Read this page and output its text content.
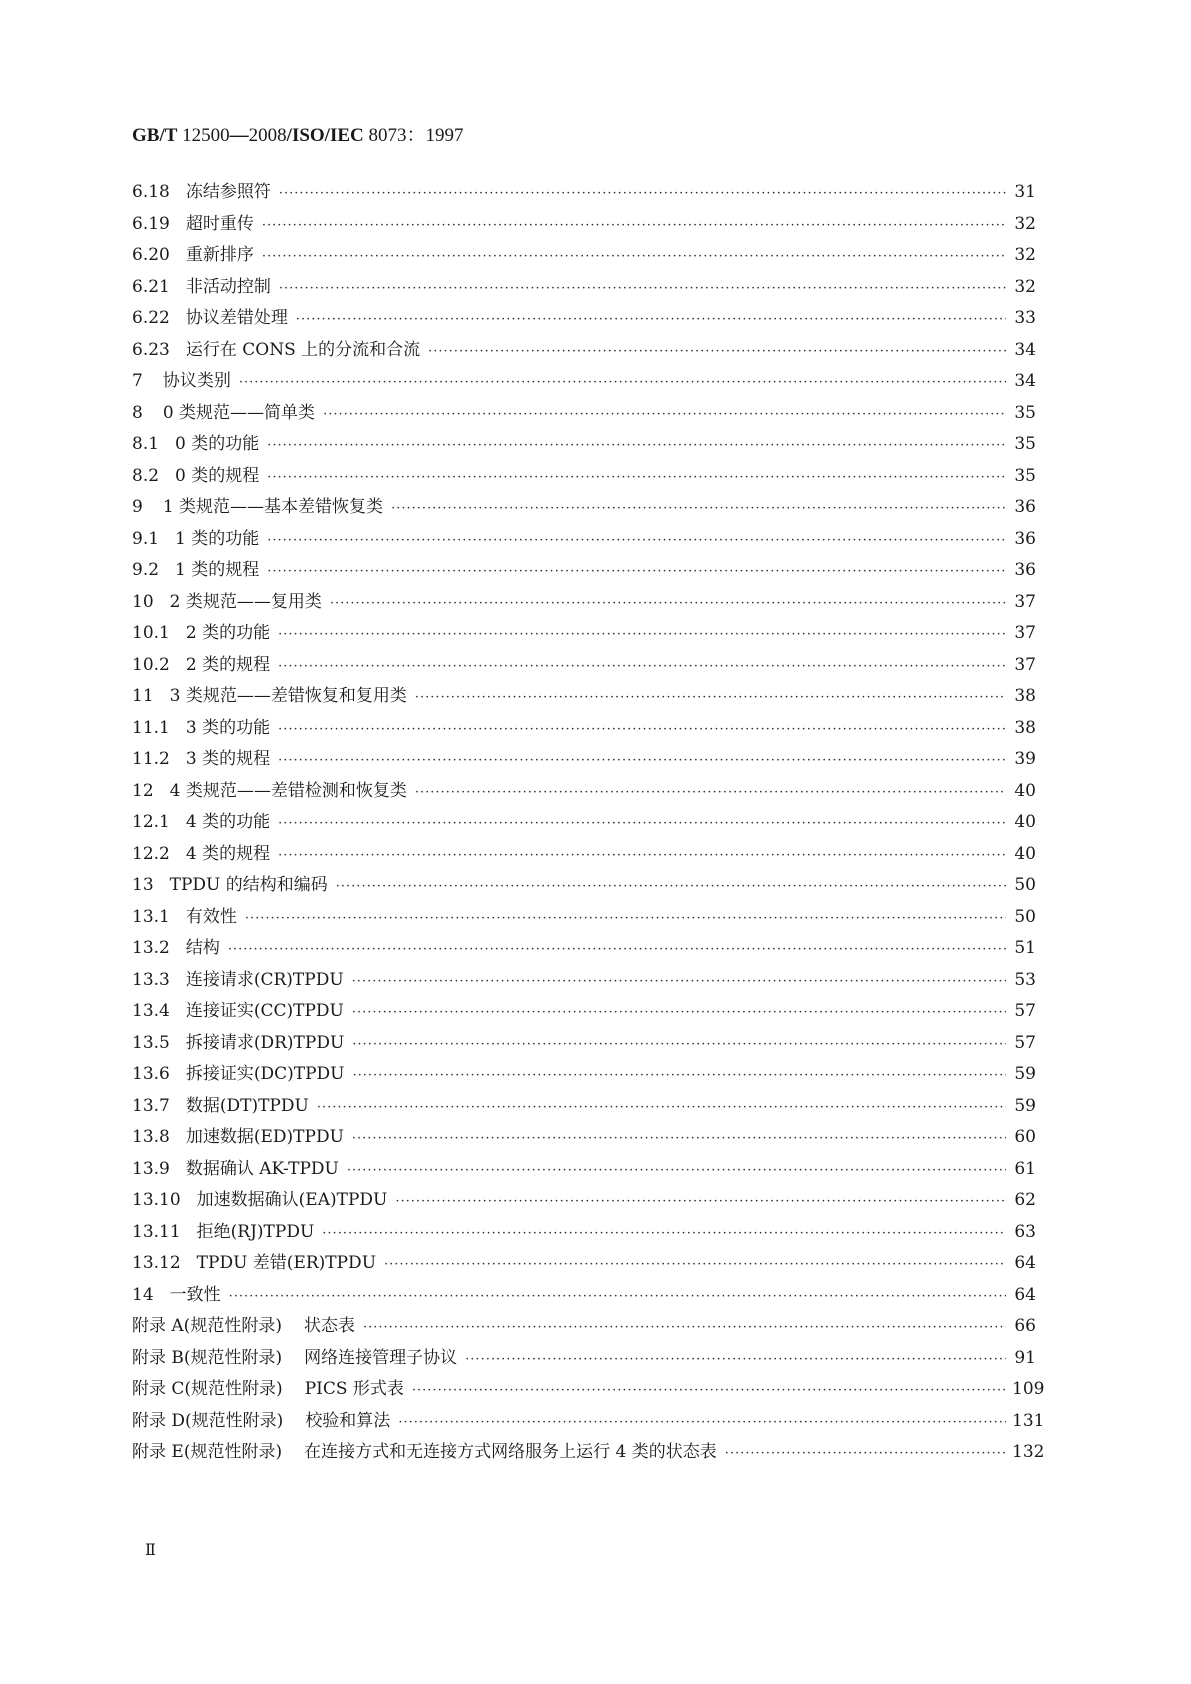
GB/T 12500—2008/ISO/IEC 8073：1997
6.18 冻结参照符 ·····	31
6.19 超时重传 ·····	32
6.20 重新排序 ·····	32
6.21 非活动控制 ·····	32
6.22 协议差错处理 ·····	33
6.23 运行在 CONS 上的分流和合流 ·····	34
7 协议类别 ·····	34
8 0 类规范——简单类 ·····	35
8.1 0 类的功能 ·····	35
8.2 0 类的规程 ·····	35
9 1 类规范——基本差错恢复类 ·····	36
9.1 1 类的功能 ·····	36
9.2 1 类的规程 ·····	36
10 2 类规范——复用类 ·····	37
10.1 2 类的功能 ·····	37
10.2 2 类的规程 ·····	37
11 3 类规范——差错恢复和复用类 ·····	38
11.1 3 类的功能 ·····	38
11.2 3 类的规程 ·····	39
12 4 类规范——差错检测和恢复类 ·····	40
12.1 4 类的功能 ·····	40
12.2 4 类的规程 ·····	40
13 TPDU 的结构和编码 ·····	50
13.1 有效性 ·····	50
13.2 结构 ·····	51
13.3 连接请求(CR)TPDU ·····	53
13.4 连接证实(CC)TPDU ·····	57
13.5 拆接请求(DR)TPDU ·····	57
13.6 拆接证实(DC)TPDU ·····	59
13.7 数据(DT)TPDU ·····	59
13.8 加速数据(ED)TPDU ·····	60
13.9 数据确认 AK-TPDU ·····	61
13.10 加速数据确认(EA)TPDU ·····	62
13.11 拒绝(RJ)TPDU ·····	63
13.12 TPDU 差错(ER)TPDU ·····	64
14 一致性 ·····	64
附录 A(规范性附录) 状态表 ·····	66
附录 B(规范性附录) 网络连接管理子协议 ·····	91
附录 C(规范性附录) PICS 形式表 ·····	109
附录 D(规范性附录) 校验和算法 ·····	131
附录 E(规范性附录) 在连接方式和无连接方式网络服务上运行 4 类的状态表 ·····	132
Ⅱ
